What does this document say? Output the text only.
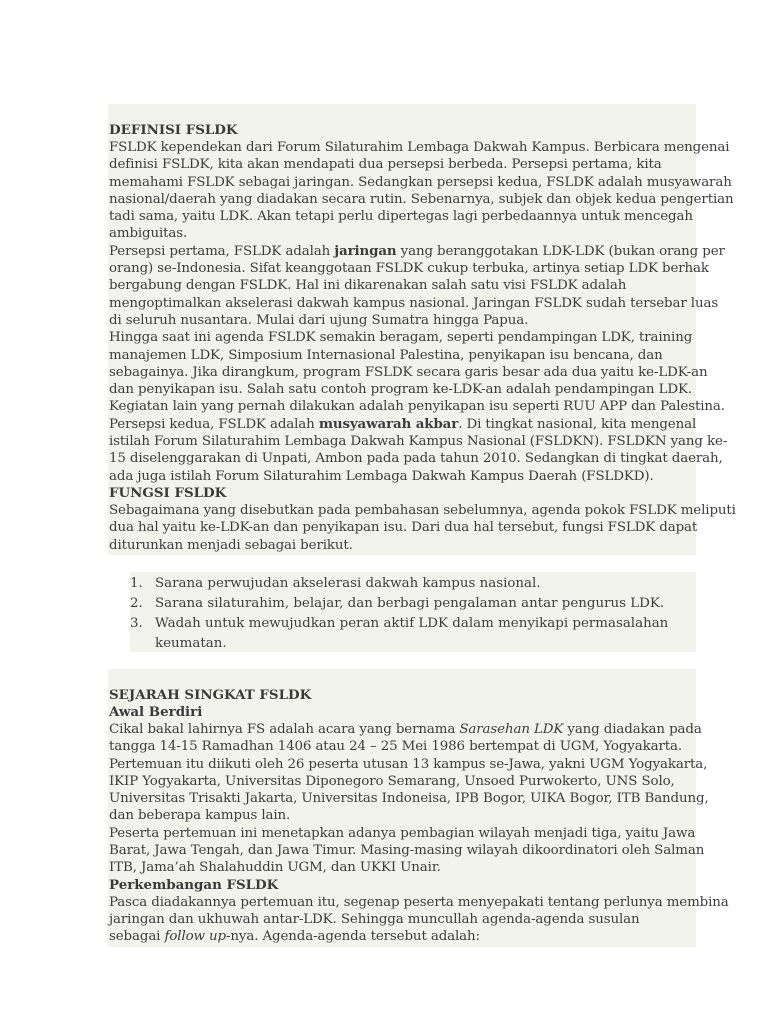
DEFINISI FSLDK

FSLDK kependekan dari Forum Silaturahim Lembaga Dakwah Kampus. Berbicara mengenai
definisi FSLDK, kita akan mendapati dua persepsi berbeda. Persepsi pertama, kita
memahami FSLDK sebagai jaringan. Sedangkan persepsi kedua, FSLDK adalah musyawarah
nasional/daerah yang diadakan secara rutin. Sebenarnya, subjek dan objek kedua pengertian
tadi sama, yaitu LDK. Akan tetapi perlu dipertegas lagi perbedaannya untuk mencegah
ambiguitas.

Persepsi pertama, FSLDK adalah jaringan yang beranggotakan LDK-LDK (bukan orang per
orang) se-Indonesia. Sifat keanggotaan FSLDK cukup terbuka, artinya setiap LDK berhak
bergabung dengan FSLDK. Hal ini dikarenakan salah satu visi FSLDK adalah
mengoptimalkan akselerasi dakwah kampus nasional. Jaringan FSLDK sudah tersebar luas
di seluruh nusantara. Mulai dari ujung Sumatra hingga Papua.

Hingga saat ini agenda FSLDK semakin beragam, seperti pendampingan LDK, training
manajemen LDK, Simposium Internasional Palestina, penyikapan isu bencana, dan
sebagainya. Jika dirangkum, program FSLDK secara garis besar ada dua yaitu ke-LDK-an
dan penyikapan isu. Salah satu contoh program ke-LDK-an adalah pendampingan LDK.
Kegiatan lain yang pernah dilakukan adalah penyikapan isu seperti RUU APP dan Palestina.

Persepsi kedua, FSLDK adalah musyawarah akbar. Di tingkat nasional, kita mengenal
istilah Forum Silaturahim Lembaga Dakwah Kampus Nasional (FSLDKN). FSLDKN yang ke-
15 diselenggarakan di Unpati, Ambon pada pada tahun 2010. Sedangkan di tingkat daerah,
ada juga istilah Forum Silaturahim Lembaga Dakwah Kampus Daerah (FSLDKD).

FUNGSI FSLDK

Sebagaimana yang disebutkan pada pembahasan sebelumnya, agenda pokok FSLDK meliputi
dua hal yaitu ke-LDK-an dan penyikapan isu. Dari dua hal tersebut, fungsi FSLDK dapat
diturunkan menjadi sebagai berikut.

1. Sarana perwujudan akselerasi dakwah kampus nasional.
2. Sarana silaturahim, belajar, dan berbagi pengalaman antar pengurus LDK.
3. Wadah untuk mewujudkan peran aktif LDK dalam menyikapi permasalahan
keumatan.
SEJARAH SINGKAT FSLDK
Awal Berdiri

Cikal bakal lahirnya FS adalah acara yang bernama Sarasehan LDK yang diadakan pada
tangga 14-15 Ramadhan 1406 atau 24 – 25 Mei 1986 bertempat di UGM, Yogyakarta.
Pertemuan itu diikuti oleh 26 peserta utusan 13 kampus se-Jawa, yakni UGM Yogyakarta,
IKIP Yogyakarta, Universitas Diponegoro Semarang, Unsoed Purwokerto, UNS Solo,
Universitas Trisakti Jakarta, Universitas Indoneisa, IPB Bogor, UIKA Bogor, ITB Bandung,
dan beberapa kampus lain.

Peserta pertemuan ini menetapkan adanya pembagian wilayah menjadi tiga, yaitu Jawa
Barat, Jawa Tengah, dan Jawa Timur. Masing-masing wilayah dikoordinatori oleh Salman
ITB, Jama’ah Shalahuddin UGM, dan UKKI Unair.

Perkembangan FSLDK

Pasca diadakannya pertemuan itu, segenap peserta menyepakati tentang perlunya membina
jaringan dan ukhuwah antar-LDK. Sehingga muncullah agenda-agenda susulan
sebagai follow up-nya. Agenda-agenda tersebut adalah:
